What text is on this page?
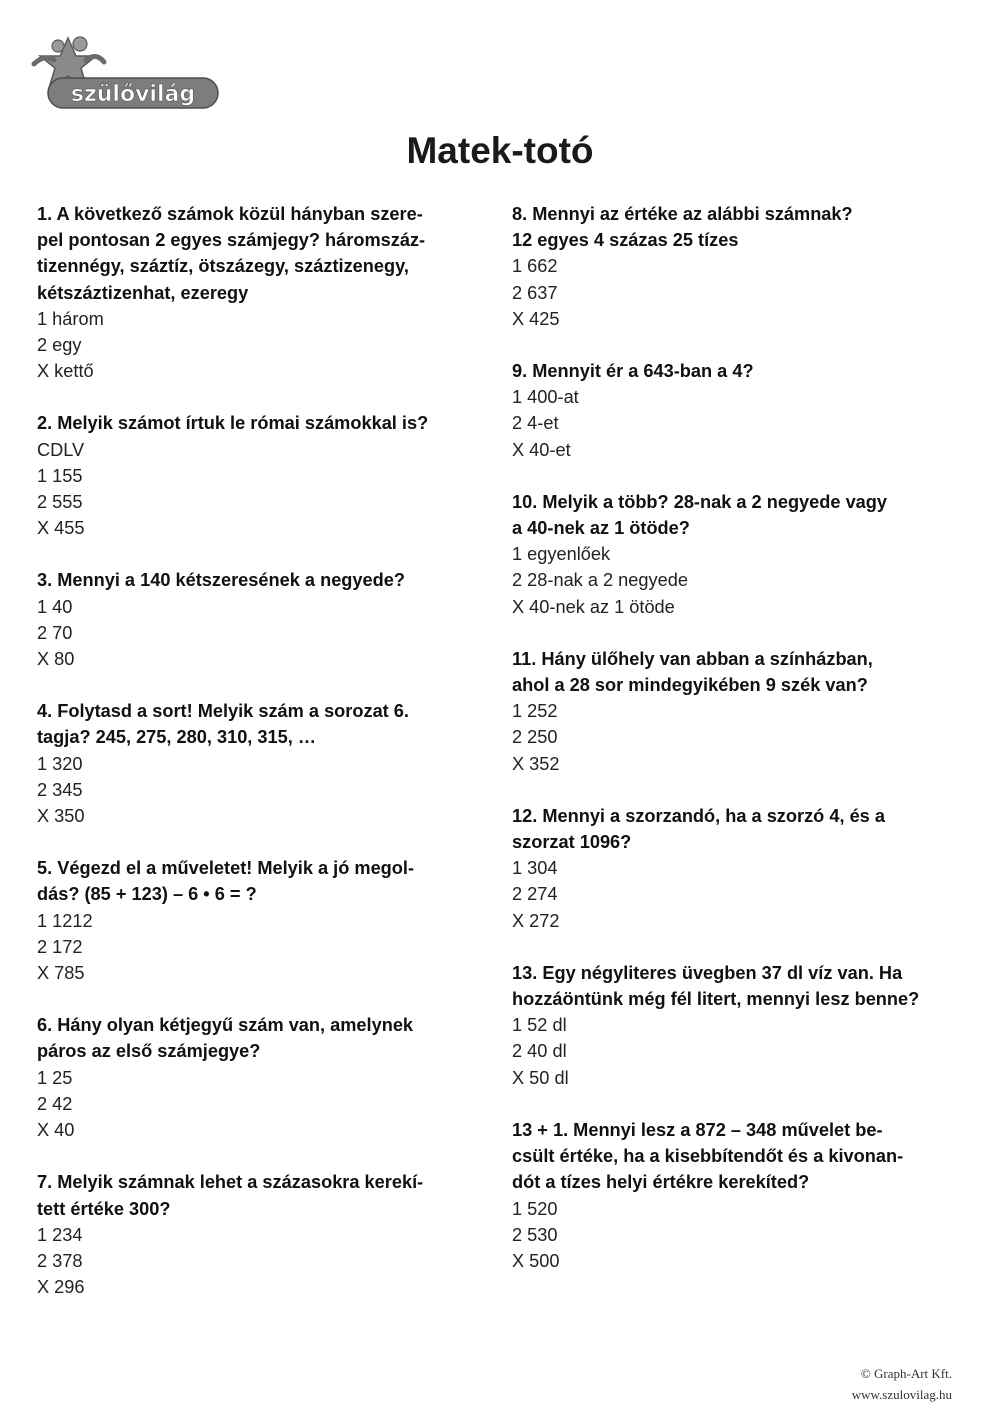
szülővilág
Matek-totó
1. A következő számok közül hányban szere-
pel pontosan 2 egyes számjegy? háromszáz-
tizennégy, száztíz, ötszázegy, száztizenegy,
kétszáztizenhat, ezeregy
1 három
2 egy
X kettő
2. Melyik számot írtuk le római számokkal is?
CDLV
1 155
2 555
X 455
3. Mennyi a 140 kétszeresének a negyede?
1 40
2 70
X 80
4. Folytasd a sort! Melyik szám a sorozat 6.
tagja? 245, 275, 280, 310, 315, …
1 320
2 345
X 350
5. Végezd el a műveletet! Melyik a jó megol-
dás? (85 + 123) – 6 • 6 = ?
1 1212
2 172
X 785
6. Hány olyan kétjegyű szám van, amelynek
páros az első számjegye?
1 25
2 42
X 40
7. Melyik számnak lehet a százasokra kerekí-
tett értéke 300?
1 234
2 378
X 296
8. Mennyi az értéke az alábbi számnak?
12 egyes 4 százas 25 tízes
1 662
2 637
X 425
9. Mennyit ér a 643-ban a 4?
1 400-at
2 4-et
X 40-et
10. Melyik a több? 28-nak a 2 negyede vagy
a 40-nek az 1 ötöde?
1 egyenlőek
2 28-nak a 2 negyede
X 40-nek az 1 ötöde
11. Hány ülőhely van abban a színházban,
ahol a 28 sor mindegyikében 9 szék van?
1 252
2 250
X 352
12. Mennyi a szorzandó, ha a szorzó 4, és a
szorzat 1096?
1 304
2 274
X 272
13. Egy négyliteres üvegben 37 dl víz van. Ha
hozzáöntünk még fél litert, mennyi lesz benne?
1 52 dl
2 40 dl
X 50 dl
13 + 1. Mennyi lesz a 872 – 348 művelet be-
csült értéke, ha a kisebbítendőt és a kivonan-
dót a tízes helyi értékre kerekíted?
1 520
2 530
X 500
© Graph-Art Kft.
www.szulovilag.hu
